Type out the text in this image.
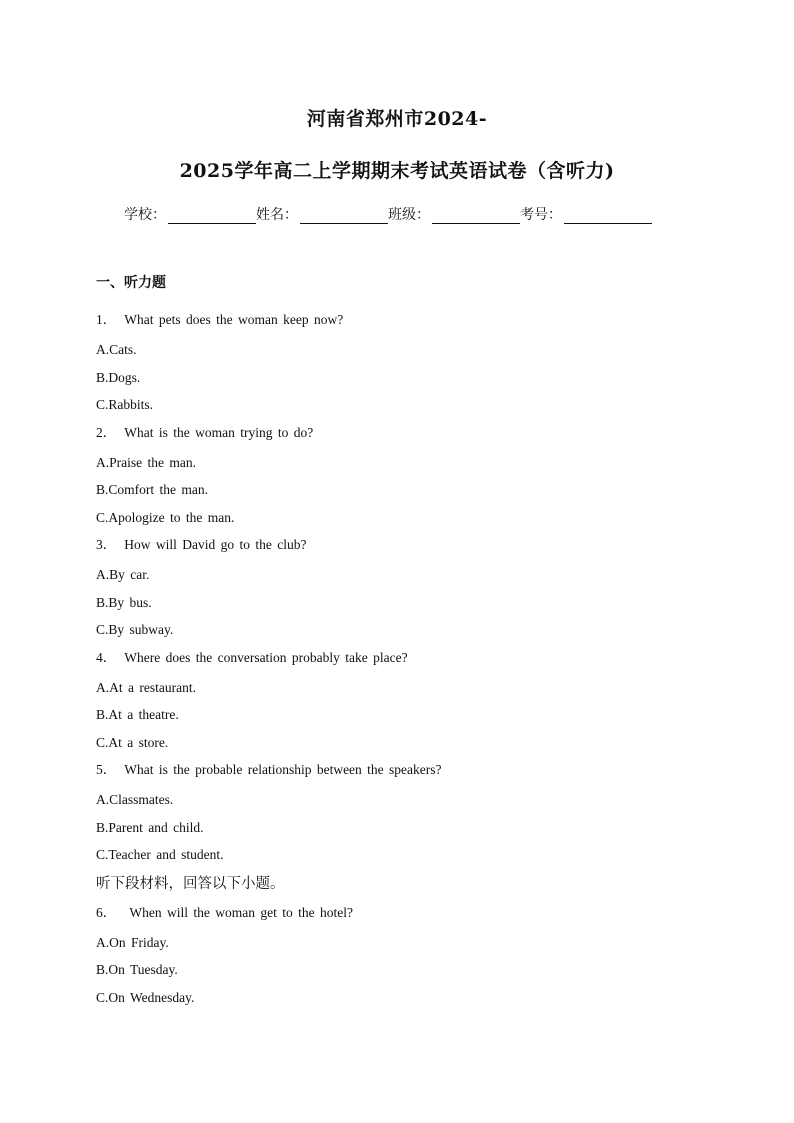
河南省郑州市2024-
2025学年高二上学期期末考试英语试卷（含听力)
学校：	姓名：	班级：	考号：
一、听力题
1． What pets does the woman keep now?
A.Cats.
B.Dogs.
C.Rabbits.
2． What is the woman trying to do?
A.Praise the man.
B.Comfort the man.
C.Apologize to the man.
3． How will David go to the club?
A.By car.
B.By bus.
C.By subway.
4． Where does the conversation probably take place?
A.At a restaurant.
B.At a theatre.
C.At a store.
5． What is the probable relationship between the speakers?
A.Classmates.
B.Parent and child.
C.Teacher and student.
听下段材料，回答以下小题。
6． When will the woman get to the hotel?
A.On Friday.
B.On Tuesday.
C.On Wednesday.
